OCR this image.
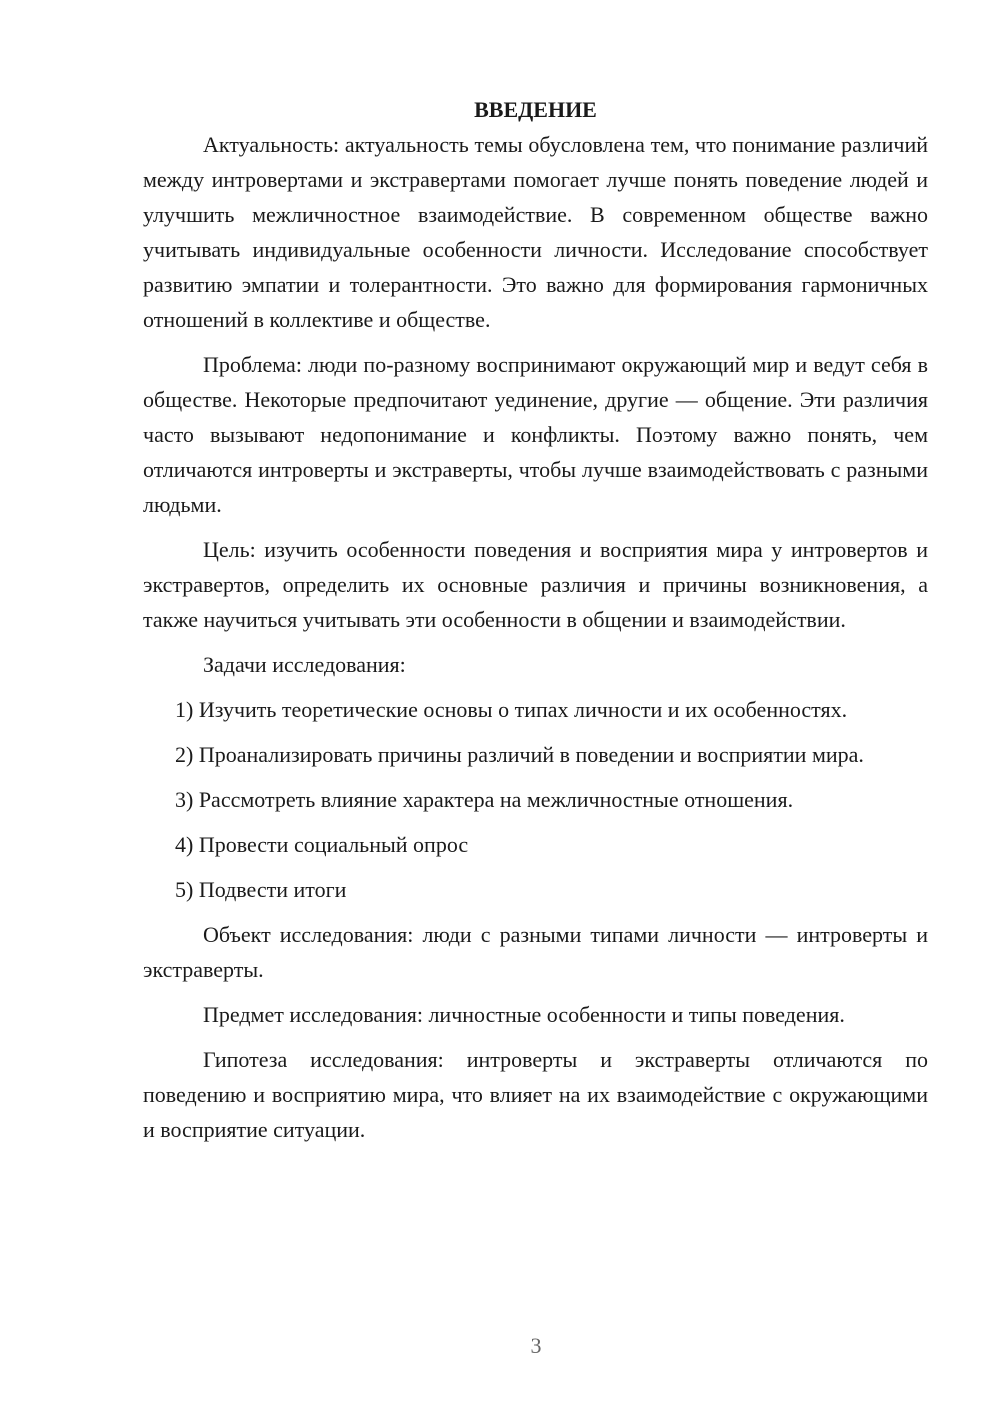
ВВЕДЕНИЕ

Актуальность: актуальность темы обусловлена тем, что понимание различий между интровертами и экстравертами помогает лучше понять поведение людей и улучшить межличностное взаимодействие. В современном обществе важно учитывать индивидуальные особенности личности. Исследование способствует развитию эмпатии и толерантности. Это важно для формирования гармоничных отношений в коллективе и обществе.

Проблема: люди по-разному воспринимают окружающий мир и ведут себя в обществе. Некоторые предпочитают уединение, другие — общение. Эти различия часто вызывают недопонимание и конфликты. Поэтому важно понять, чем отличаются интроверты и экстраверты, чтобы лучше взаимодействовать с разными людьми.

Цель: изучить особенности поведения и восприятия мира у интровертов и экстравертов, определить их основные различия и причины возникновения, а также научиться учитывать эти особенности в общении и взаимодействии.

Задачи исследования:

1) Изучить теоретические основы о типах личности и их особенностях.

2) Проанализировать причины различий в поведении и восприятии мира.

3) Рассмотреть влияние характера на межличностные отношения.

4) Провести социальный опрос

5) Подвести итоги

Объект исследования: люди с разными типами личности — интроверты и экстраверты.

Предмет исследования: личностные особенности и типы поведения.

Гипотеза исследования: интроверты и экстраверты отличаются по поведению и восприятию мира, что влияет на их взаимодействие с окружающими и восприятие ситуации.

3
